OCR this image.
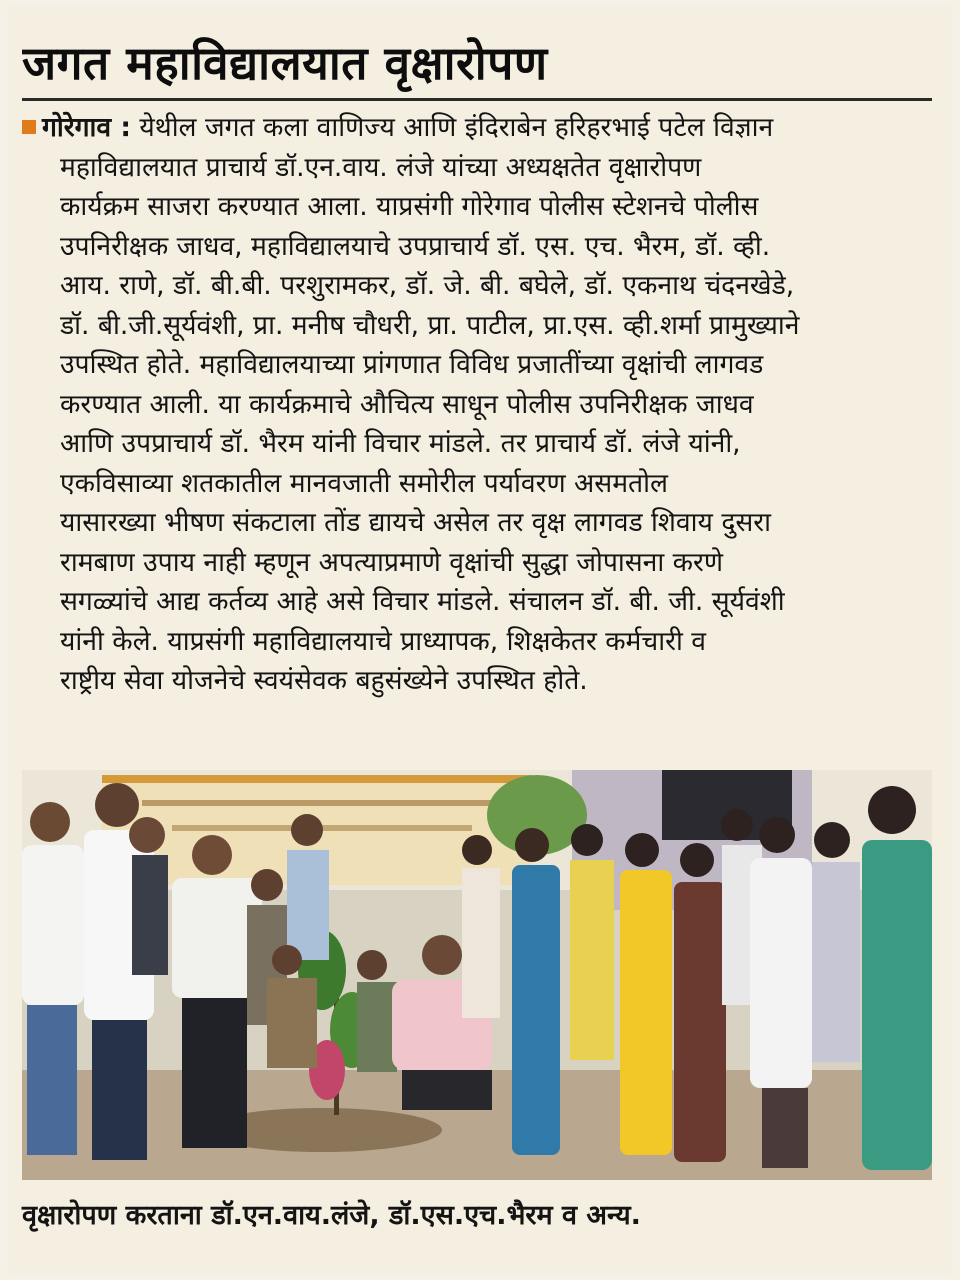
जगत महाविद्यालयात वृक्षारोपण
गोरेगाव : येथील जगत कला वाणिज्य आणि इंदिराबेन हरिहरभाई पटेल विज्ञान
महाविद्यालयात प्राचार्य डॉ.एन.वाय. लंजे यांच्या अध्यक्षतेत वृक्षारोपण
कार्यक्रम साजरा करण्यात आला. याप्रसंगी गोरेगाव पोलीस स्टेशनचे पोलीस
उपनिरीक्षक जाधव, महाविद्यालयाचे उपप्राचार्य डॉ. एस. एच. भैरम, डॉ. व्ही.
आय. राणे, डॉ. बी.बी. परशुरामकर, डॉ. जे. बी. बघेले, डॉ. एकनाथ चंदनखेडे,
डॉ. बी.जी.सूर्यवंशी, प्रा. मनीष चौधरी, प्रा. पाटील, प्रा.एस. व्ही.शर्मा प्रामुख्याने
उपस्थित होते. महाविद्यालयाच्या प्रांगणात विविध प्रजातींच्या वृक्षांची लागवड
करण्यात आली. या कार्यक्रमाचे औचित्य साधून पोलीस उपनिरीक्षक जाधव
आणि उपप्राचार्य डॉ. भैरम यांनी विचार मांडले. तर प्राचार्य डॉ. लंजे यांनी,
एकविसाव्या शतकातील मानवजाती समोरील पर्यावरण असमतोल
यासारख्या भीषण संकटाला तोंड द्यायचे असेल तर वृक्ष लागवड शिवाय दुसरा
रामबाण उपाय नाही म्हणून अपत्याप्रमाणे वृक्षांची सुद्धा जोपासना करणे
सगळ्यांचे आद्य कर्तव्य आहे असे विचार मांडले. संचालन डॉ. बी. जी. सूर्यवंशी
यांनी केले. याप्रसंगी महाविद्यालयाचे प्राध्यापक, शिक्षकेतर कर्मचारी व
राष्ट्रीय सेवा योजनेचे स्वयंसेवक बहुसंख्येने उपस्थित होते.
वृक्षारोपण करताना डॉ.एन.वाय.लंजे, डॉ.एस.एच.भैरम व अन्य.
